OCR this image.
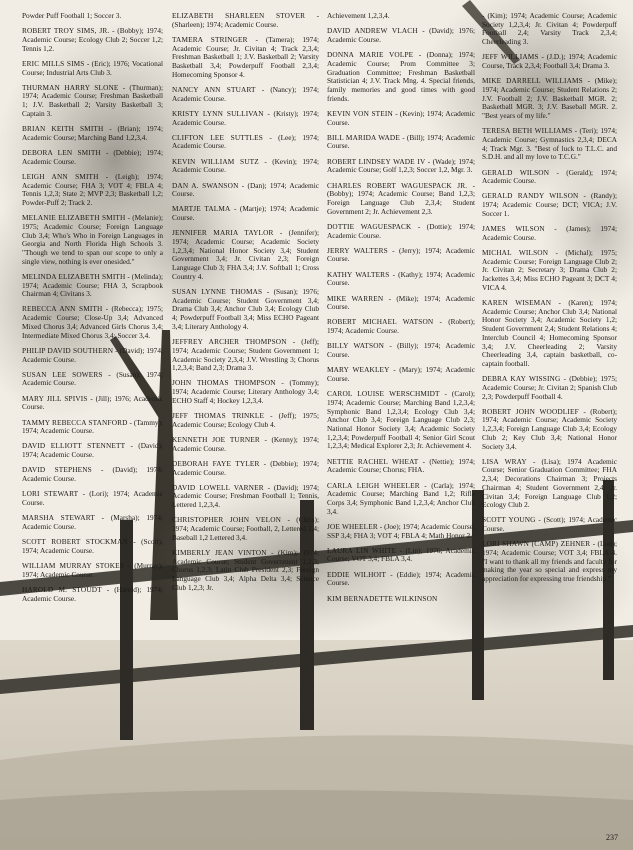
Powder Puff Football 1; Soccer 3.
ROBERT TROY SIMS, JR. - (Bobby); 1974; Academic Course; Ecology Club 2; Soccer 1,2; Tennis 1,2.
ERIC MILLS SIMS - (Eric); 1976; Vocational Course; Industrial Arts Club 3.
THURMAN HARRY SLONE - (Thurman); 1974; Academic Course; Freshman Basketball 1; J.V. Basketball 2; Varsity Basketball 3; Captain 3.
BRIAN KEITH SMITH - (Brian); 1974; Academic Course; Marching Band 1,2,3,4.
DEBORA LEN SMITH - (Debbie); 1974; Academic Course.
LEIGH ANN SMITH - (Leigh); 1974; Academic Course; FHA 3; VOT 4; FBLA 4; Tennis 1,2,3; State 2; MVP 2,3; Basketball 1,2; Powder-Puff 2; Track 2.
MELANIE ELIZABETH SMITH - (Melanie); 1975; Academic Course; Foreign Language Club 3,4; Who's Who in Foreign Languages in Georgia and North Florida High Schools 3. "Though we tend to span our scope to only a single view, nothing is ever onesided."
MELINDA ELIZABETH SMITH - (Melinda); 1974; Academic Course; FHA 3, Scrapbook Chairman 4; Civitans 3.
REBECCA ANN SMITH - (Rebecca); 1975; Academic Course; Close-Up 3,4; Advanced Mixed Chorus 3,4; Advanced Girls Chorus 3,4; Intermediate Mixed Chorus 3,4; Soccer 3,4.
PHILIP DAVID SOUTHERN - (David); 1974; Academic Course.
SUSAN LEE SOWERS - (Susan); 1974; Academic Course.
MARY JILL SPIVIS - (Jill); 1976; Academic Course.
TAMMY REBECCA STANFORD - (Tammy); 1974; Academic Course.
DAVID ELLIOTT STENNETT - (David); 1974; Academic Course.
DAVID STEPHENS - (David); 1974; Academic Course.
LORI STEWART - (Lori); 1974; Academic Course.
MARSHA STEWART - (Marsha); 1974; Academic Course.
SCOTT ROBERT STOCKMAN - (Scott); 1974; Academic Course.
WILLIAM MURRAY STOKES - (Murray); 1974; Academic Course.
HAROLD M. STOUDT - (Harold); 1974; Academic Course.
ELIZABETH SHARLEEN STOVER - (Sharleen); 1974; Academic Course.
TAMERA STRINGER - (Tamera); 1974; Academic Course; Jr. Civitan 4; Track 2,3,4; Freshman Basketball 1; J.V. Basketball 2; Varsity Basketball 3,4; Powderpuff Football 2,3,4; Homecoming Sponsor 4.
NANCY ANN STUART - (Nancy); 1974; Academic Course.
KRISTY LYNN SULLIVAN - (Kristy); 1974; Academic Course.
CLIFTON LEE SUTTLES - (Lee); 1974; Academic Course.
KEVIN WILLIAM SUTZ - (Kevin); 1974; Academic Course.
DAN A. SWANSON - (Dan); 1974; Academic Course.
MARTJE TALMA - (Martje); 1974; Academic Course.
JENNIFER MARIA TAYLOR - (Jennifer); 1974; Academic Course; Academic Society 1,2,3,4; National Honor Society 3,4; Student Government 3,4; Jr. Civitan 2,3; Foreign Language Club 3; FHA 3,4; J.V. Softball 1; Cross Country 4.
SUSAN LYNNE THOMAS - (Susan); 1976; Academic Course; Student Government 3,4; Drama Club 3,4; Anchor Club 3,4; Ecology Club 4; Powderpuff Football 3,4; Miss ECHO Pageant 3,4; Literary Anthology 4.
JEFFREY ARCHER THOMPSON - (Jeff); 1974; Academic Course; Student Government 1; Academic Society 2,3,4; J.V. Wrestling 3; Chorus 1,2,3,4; Band 2,3; Drama 3.
JOHN THOMAS THOMPSON - (Tommy); 1974; Academic Course; Literary Anthology 3,4; ECHO Staff 4; Hockey 1,2,3,4.
JEFF THOMAS TRINKLE - (Jeff); 1975; Academic Course; Ecology Club 4.
KENNETH JOE TURNER - (Kenny); 1974; Academic Course.
DEBORAH FAYE TYLER - (Debbie); 1974; Academic Course.
DAVID LOWELL VARNER - (David); 1974; Academic Course; Freshman Football 1; Tennis, Lettered 1,2,3,4.
CHRISTOPHER JOHN VELON - (Chris); 1974; Academic Course; Football, 2, Lettered 3,4; Baseball 1,2 Lettered 3,4.
KIMBERLY JEAN VINTON - (Kim); 1974; Academic Course; Student Government 1,2,3; Chorus 1,2,3; Latin Club President 2,3; Foreign Language Club 3,4; Alpha Delta 3,4; Science Club 1,2,3; Jr.
Achievement 1,2,3,4.
DAVID ANDREW VLACH - (David); 1976; Academic Course.
DONNA MARIE VOLPE - (Donna); 1974; Academic Course; Prom Committee 3; Graduation Committee; Freshman Basketball Statistician 4; J.V. Track Mng. 4. Special friends, family memories and good times with good friends.
KEVIN VON STEIN - (Kevin); 1974; Academic Course.
BILL MARIDA WADE - (Bill); 1974; Academic Course.
ROBERT LINDSEY WADE IV - (Wade); 1974; Academic Course; Golf 1,2,3; Soccer 1,2, Mgr. 3.
CHARLES ROBERT WAGUESPACK JR. - (Bobby); 1974; Academic Course; Band 1,2,3; Foreign Language Club 2,3,4; Student Government 2; Jr. Achievement 2,3.
DOTTIE WAGUESPACK - (Dottie); 1974; Academic Course.
JERRY WALTERS - (Jerry); 1974; Academic Course.
KATHY WALTERS - (Kathy); 1974; Academic Course.
MIKE WARREN - (Mike); 1974; Academic Course.
ROBERT MICHAEL WATSON - (Robert); 1974; Academic Course.
BILLY WATSON - (Billy); 1974; Academic Course.
MARY WEAKLEY - (Mary); 1974; Academic Course.
CAROL LOUISE WERSCHMIDT - (Carol); 1974; Academic Course; Marching Band 1,2,3,4; Symphonic Band 1,2,3,4; Ecology Club 3,4; Anchor Club 3,4; Foreign Language Club 2,3; National Honor Society 3,4; Academic Society 1,2,3,4; Powderpuff Football 4; Senior Girl Scout 1,2,3,4; Medical Explorer 2,3; Jr. Achievement 4.
NETTIE RACHEL WHEAT - (Nettie); 1974; Academic Course; Chorus; FHA.
CARLA LEIGH WHEELER - (Carla); 1974; Academic Course; Marching Band 1,2; Rifle Corps 3,4; Symphonic Band 1,2,3,4; Anchor Club 3,4.
JOE WHEELER - (Joe); 1974; Academic Course; SSP 3,4; FHA 3; VOT 4; FBLA 4; Math Honor 2.
LAURA LIN WHITE - (Lin); 1976; Academic Course; VOT 3,4; FBLA 3,4.
EDDIE WILHOIT - (Eddie); 1974; Academic Course.
KIM BERNADETTE WILKINSON
- (Kim); 1974; Academic Course; Academic Society 1,2,3,4; Jr. Civitan 4; Powderpuff Football 2,4; Varsity Track 2,3,4; Cheerleading 3.
JEFF WILLIAMS - (J.D.); 1974; Academic Course, Track 2,3,4; Football 3,4; Drama 3.
MIKE DARRELL WILLIAMS - (Mike); 1974; Academic Course; Student Relations 2; J.V. Football 2; J.V. Basketball MGR. 2; Basketball MGR. 3; J.V. Baseball MGR. 2. "Best years of my life."
TERESA BETH WILLIAMS - (Teri); 1974; Academic Course; Gymnastics 2,3,4; DECA 4; Track Mgr. 3. "Best of luck to T.L.C. and S.D.H. and all my love to T.C.G."
GERALD WILSON - (Gerald); 1974; Academic Course.
GERALD RANDY WILSON - (Randy); 1974; Academic Course; DCT; VICA; J.V. Soccer 1.
JAMES WILSON - (James); 1974; Academic Course.
MICHAL WILSON - (Michal); 1975; Academic Course; Foreign Language Club 2; Jr. Civitan 2; Secretary 3; Drama Club 2; Jackettes 3,4; Miss ECHO Pageant 3; DCT 4; VICA 4.
KAREN WISEMAN - (Karen); 1974; Academic Course; Anchor Club 3,4; National Honor Society 3,4; Academic Society 1,2; Student Government 2,4; Student Relations 4; Interclub Council 4; Homecoming Sponsor 3,4; J.V. Cheerleading 2; Varsity Cheerleading 3,4, captain basketball, co-captain football.
DEBRA KAY WISSING - (Debbie); 1975; Academic Course; Jr. Civitan 2; Spanish Club 2,3; Powderpuff Football 4.
ROBERT JOHN WOODLIEF - (Robert); 1974; Academic Course; Academic Society 1,2,3,4; Foreign Language Club 3,4; Ecology Club 2; Key Club 3,4; National Honor Society 3,4.
LISA WRAY - (Lisa); 1974 Academic Course; Senior Graduation Committee; FHA 2,3,4; Decorations Chairman 3; Projects Chairman 4; Student Government 2,4; Jr. Civitan 3,4; Foreign Language Club 1,2; Ecology Club 2.
SCOTT YOUNG - (Scott); 1974; Academic Course.
LORI SHAWN (CAMP) ZEHNER - (Lori); 1974; Academic Course; VOT 3,4; FBLA 4. "I want to thank all my friends and faculty for making the year so special and express my appreciation for expressing true friendship."
237
